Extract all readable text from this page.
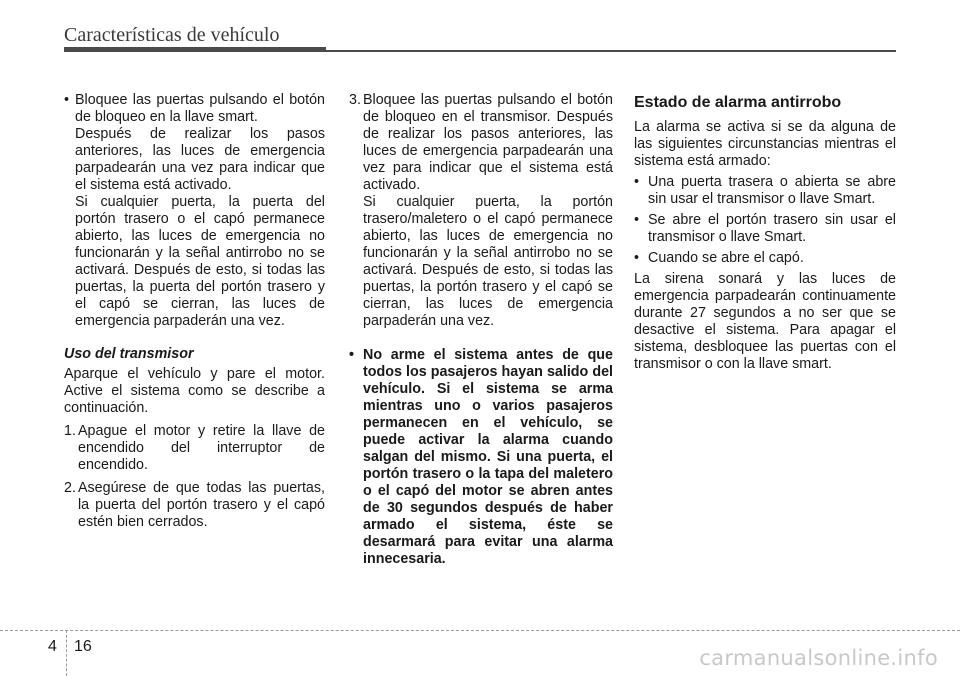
Características de vehículo
• Bloquee las puertas pulsando el botón de bloqueo en la llave smart.

Después de realizar los pasos anteriores, las luces de emergencia parpadearán una vez para indicar que el sistema está activado.

Si cualquier puerta, la puerta del portón trasero o el capó permanece abierto, las luces de emergencia no funcionarán y la señal antirrobo no se activará. Después de esto, si todas las puertas, la puerta del portón trasero y el capó se cierran, las luces de emergencia parpaderán una vez.

Uso del transmisor

Aparque el vehículo y pare el motor. Active el sistema como se describe a continuación.

1. Apague el motor y retire la llave de encendido del interruptor de encendido.
2. Asegúrese de que todas las puertas, la puerta del portón trasero y el capó estén bien cerrados.
3. Bloquee las puertas pulsando el botón de bloqueo en el transmisor. Después de realizar los pasos anteriores, las luces de emergencia parpadearán una vez para indicar que el sistema está activado.

Si cualquier puerta, la portón trasero/maletero o el capó permanece abierto, las luces de emergencia no funcionarán y la señal antirrobo no se activará. Después de esto, si todas las puertas, la portón trasero y el capó se cierran, las luces de emergencia parpaderán una vez.

• No arme el sistema antes de que todos los pasajeros hayan salido del vehículo. Si el sistema se arma mientras uno o varios pasajeros permanecen en el vehículo, se puede activar la alarma cuando salgan del mismo. Si una puerta, el portón trasero o la tapa del maletero o el capó del motor se abren antes de 30 segundos después de haber armado el sistema, éste se desarmará para evitar una alarma innecesaria.
Estado de alarma antirrobo

La alarma se activa si se da alguna de las siguientes circunstancias mientras el sistema está armado:

• Una puerta trasera o abierta se abre sin usar el transmisor o llave Smart.
• Se abre el portón trasero sin usar el transmisor o llave Smart.
• Cuando se abre el capó.

La sirena sonará y las luces de emergencia parpadearán continuamente durante 27 segundos a no ser que se desactive el sistema. Para apagar el sistema, desbloquee las puertas con el transmisor o con la llave smart.

4 16	carmanualsonline.info
